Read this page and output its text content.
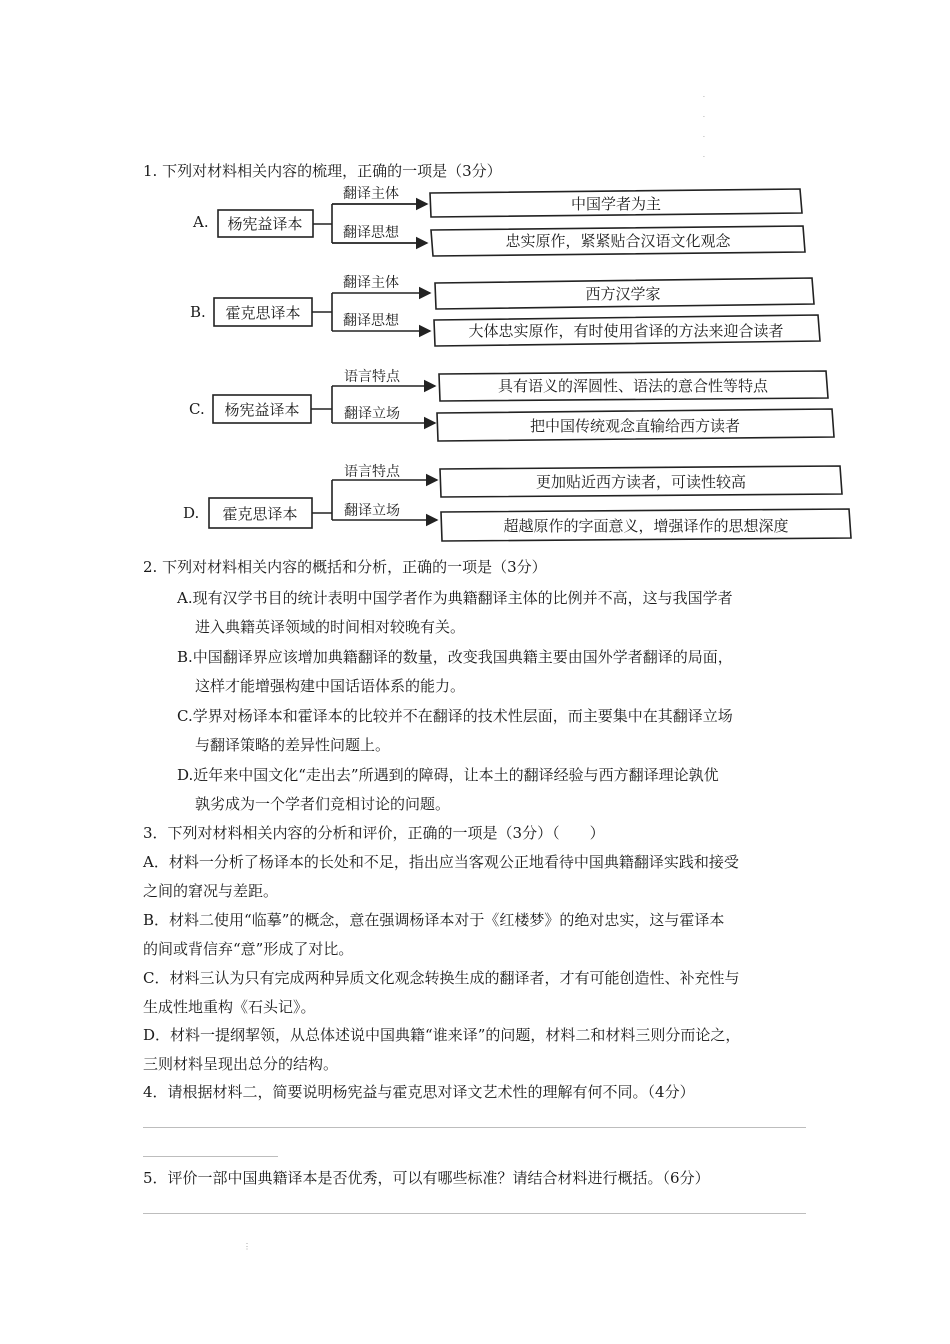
·
·
·
·
1. 下列对材料相关内容的梳理，正确的一项是（3分）
A. 杨宪益译本
翻译主体
翻译思想
中国学者为主
忠实原作，紧紧贴合汉语文化观念
B. 霍克思译本
翻译主体
翻译思想
西方汉学家
大体忠实原作，有时使用省译的方法来迎合读者
C. 杨宪益译本
语言特点
翻译立场
具有语义的浑圆性、语法的意合性等特点
把中国传统观念直输给西方读者
D. 霍克思译本
语言特点
翻译立场
更加贴近西方读者，可读性较高
超越原作的字面意义，增强译作的思想深度
2. 下列对材料相关内容的概括和分析，正确的一项是（3分）
A.现有汉学书目的统计表明中国学者作为典籍翻译主体的比例并不高，这与我国学者
进入典籍英译领域的时间相对较晚有关。
B.中国翻译界应该增加典籍翻译的数量，改变我国典籍主要由国外学者翻译的局面，
这样才能增强构建中国话语体系的能力。
C.学界对杨译本和霍译本的比较并不在翻译的技术性层面，而主要集中在其翻译立场
与翻译策略的差异性问题上。
D.近年来中国文化“走出去”所遇到的障碍，让本土的翻译经验与西方翻译理论孰优
孰劣成为一个学者们竞相讨论的问题。
3．下列对材料相关内容的分析和评价，正确的一项是（3分）（　　）
A．材料一分析了杨译本的长处和不足，指出应当客观公正地看待中国典籍翻译实践和接受
之间的窘况与差距。
B．材料二使用“临摹”的概念，意在强调杨译本对于《红楼梦》的绝对忠实，这与霍译本
的间或背信弃“意”形成了对比。
C．材料三认为只有完成两种异质文化观念转换生成的翻译者，才有可能创造性、补充性与
生成性地重构《石头记》。
D．材料一提纲挈领，从总体述说中国典籍“谁来译”的问题，材料二和材料三则分而论之，
三则材料呈现出总分的结构。
4．请根据材料二，简要说明杨宪益与霍克思对译文艺术性的理解有何不同。（4分）
5．评价一部中国典籍译本是否优秀，可以有哪些标准？请结合材料进行概括。（6分）
⋮
